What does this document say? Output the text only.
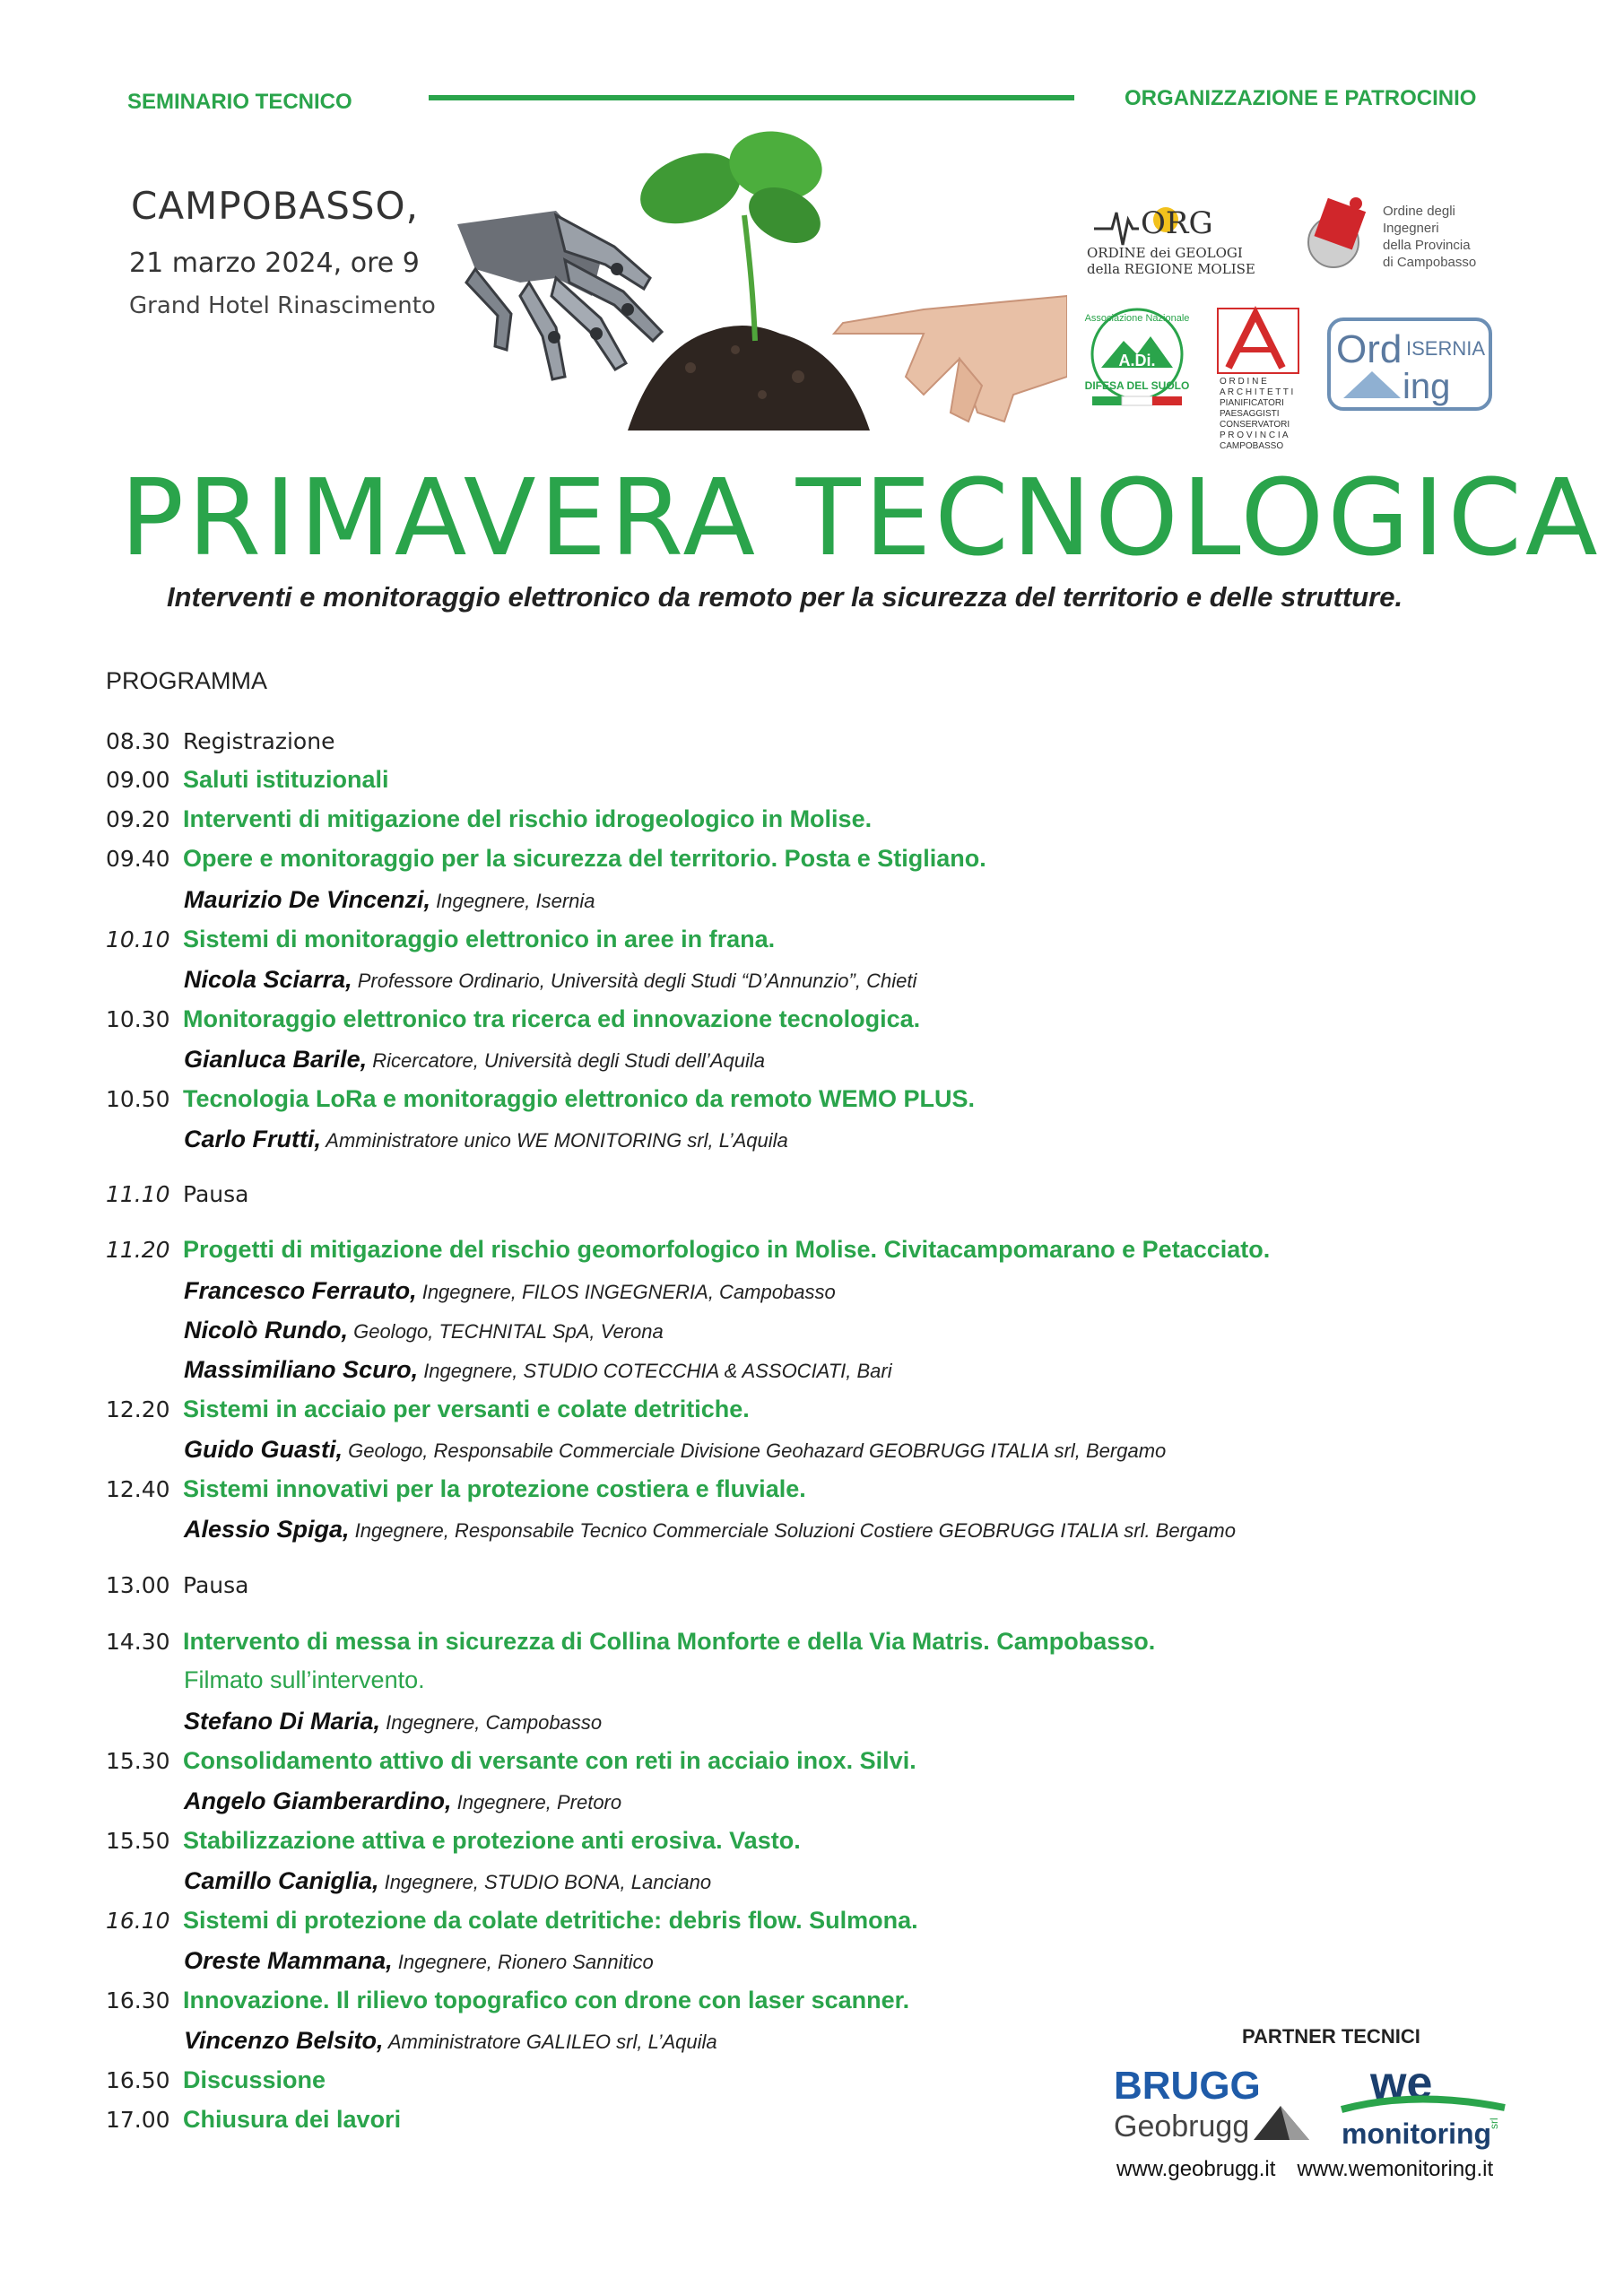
SEMINARIO TECNICO	ORGANIZZAZIONE E PATROCINIO
CAMPOBASSO,
21 marzo 2024, ore 9
Grand Hotel Rinascimento
ORG
ORDINE dei GEOLOGI
della REGIONE MOLISE
Ordine degli
Ingegneri
della Provincia
di Campobasso
Associazione Nazionale
A.Di.
DIFESA DEL SUOLO	O R D I N E
A R C H I T E T T I
PIANIFICATORI
PAESAGGISTI
CONSERVATORI
P R O V I N C I A
CAMPOBASSO
Ord ISERNIA
ing
PRIMAVERA TECNOLOGICA
Interventi e monitoraggio elettronico da remoto per la sicurezza del territorio e delle strutture.
PROGRAMMA
08.30 Registrazione
09.00 Saluti istituzionali
09.20 Interventi di mitigazione del rischio idrogeologico in Molise.
09.40 Opere e monitoraggio per la sicurezza del territorio. Posta e Stigliano.
Maurizio De Vincenzi, Ingegnere, Isernia
10.10 Sistemi di monitoraggio elettronico in aree in frana.
Nicola Sciarra, Professore Ordinario, Università degli Studi “D’Annunzio”, Chieti
10.30 Monitoraggio elettronico tra ricerca ed innovazione tecnologica.
Gianluca Barile, Ricercatore, Università degli Studi dell’Aquila
10.50 Tecnologia LoRa e monitoraggio elettronico da remoto WEMO PLUS.
Carlo Frutti, Amministratore unico WE MONITORING srl, L’Aquila
11.10 Pausa
11.20 Progetti di mitigazione del rischio geomorfologico in Molise. Civitacampomarano e Petacciato.
Francesco Ferrauto, Ingegnere, FILOS INGEGNERIA, Campobasso
Nicolò Rundo, Geologo, TECHNITAL SpA, Verona
Massimiliano Scuro, Ingegnere, STUDIO COTECCHIA & ASSOCIATI, Bari
12.20 Sistemi in acciaio per versanti e colate detritiche.
Guido Guasti, Geologo, Responsabile Commerciale Divisione Geohazard GEOBRUGG ITALIA srl, Bergamo
12.40 Sistemi innovativi per la protezione costiera e fluviale.
Alessio Spiga, Ingegnere, Responsabile Tecnico Commerciale Soluzioni Costiere GEOBRUGG ITALIA srl. Bergamo
13.00 Pausa
14.30 Intervento di messa in sicurezza di Collina Monforte e della Via Matris. Campobasso.
Filmato sull’intervento.
Stefano Di Maria, Ingegnere, Campobasso
15.30 Consolidamento attivo di versante con reti in acciaio inox. Silvi.
Angelo Giamberardino, Ingegnere, Pretoro
15.50 Stabilizzazione attiva e protezione anti erosiva. Vasto.
Camillo Caniglia, Ingegnere, STUDIO BONA, Lanciano
16.10 Sistemi di protezione da colate detritiche: debris flow. Sulmona.
Oreste Mammana, Ingegnere, Rionero Sannitico
16.30 Innovazione. Il rilievo topografico con drone con laser scanner.
Vincenzo Belsito, Amministratore GALILEO srl, L’Aquila
16.50 Discussione
17.00 Chiusura dei lavori
PARTNER TECNICI
BRUGG
Geobrugg
we
monitoring
srl
www.geobrugg.it www.wemonitoring.it
